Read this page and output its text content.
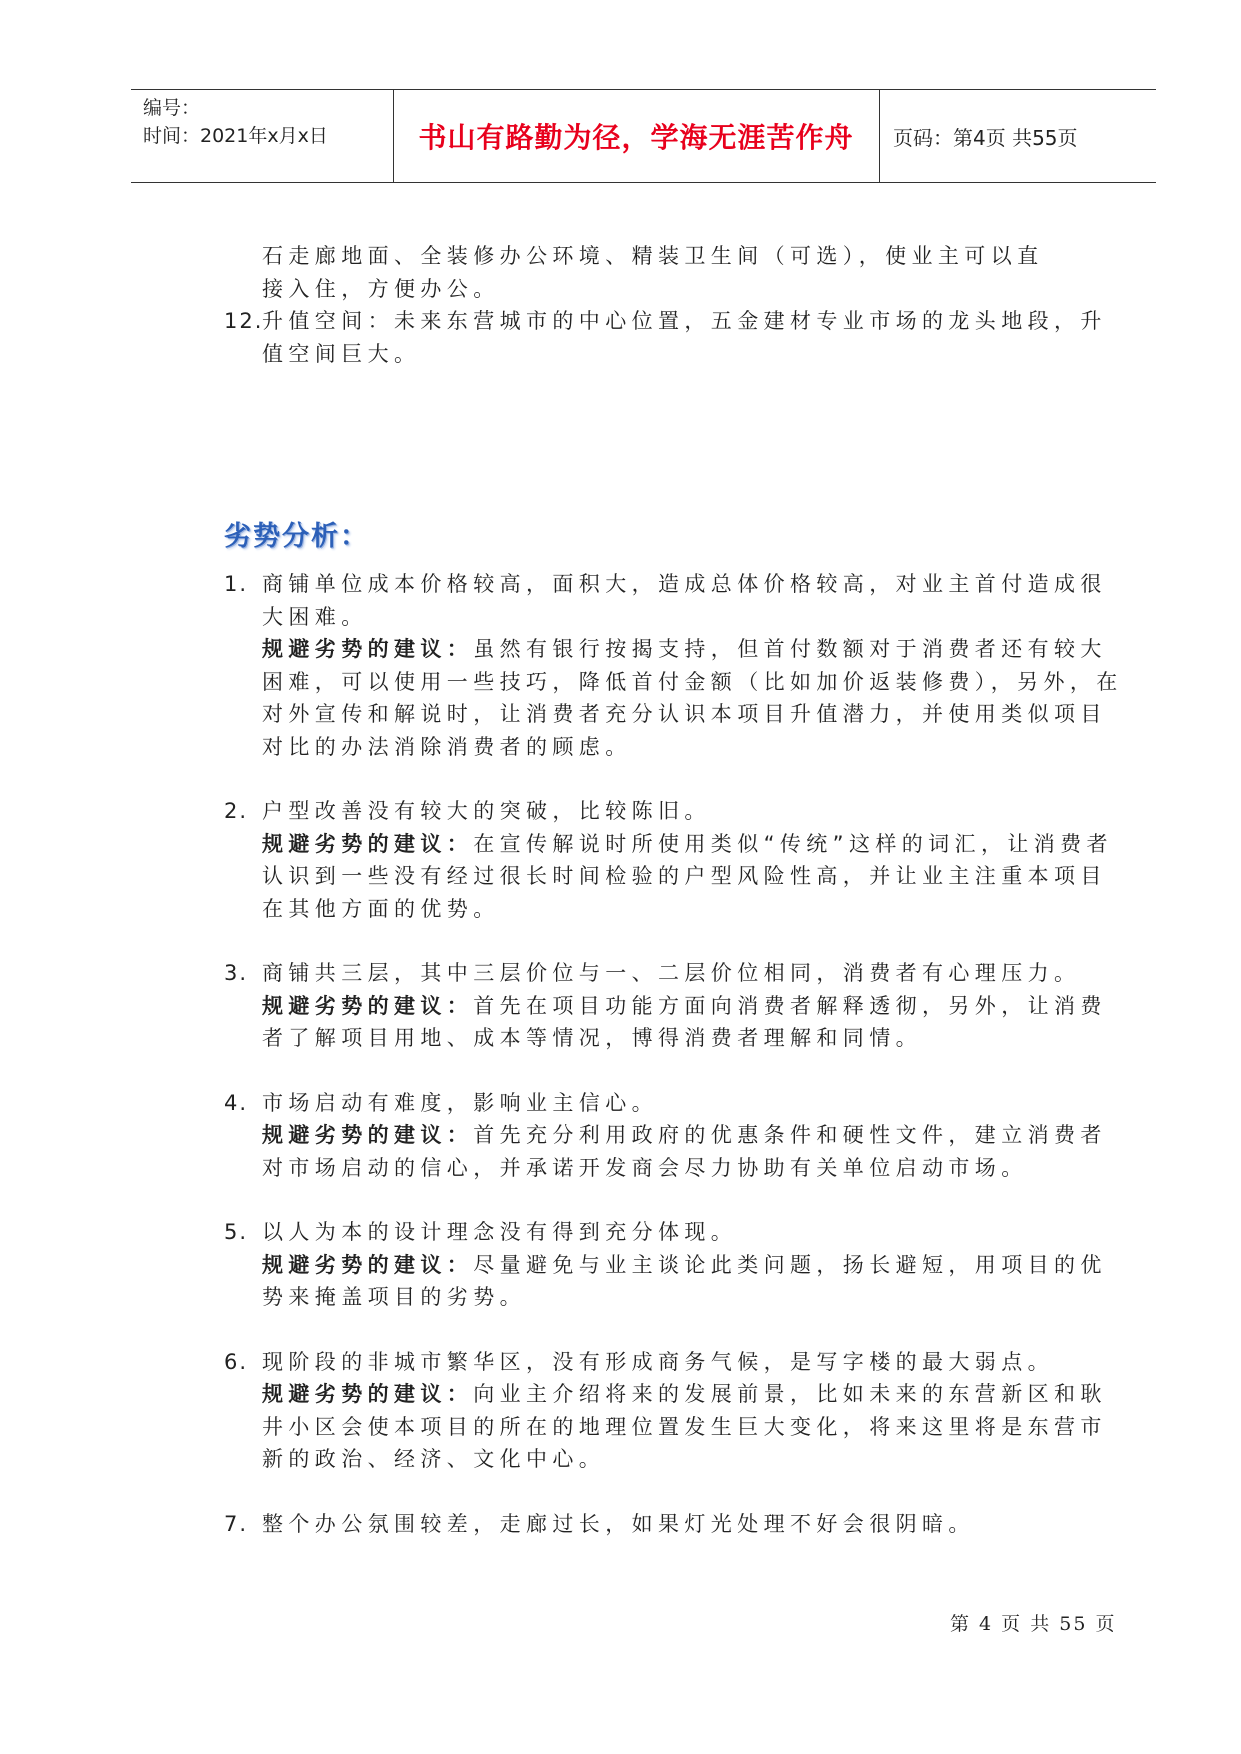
编号：
时间：2021年x月x日	书山有路勤为径，学海无涯苦作舟	页码：第4页 共55页

石走廊地面、全装修办公环境、精装卫生间（可选），使业主可以直

接入住，方便办公。

12.升值空间：未来东营城市的中心位置，五金建材专业市场的龙头地段，升值空间巨大。

劣势分析：

1. 商铺单位成本价格较高，面积大，造成总体价格较高，对业主首付造成很大困难。

规避劣势的建议：虽然有银行按揭支持，但首付数额对于消费者还有较大困难，可以使用一些技巧，降低首付金额（比如加价返装修费），另外，在对外宣传和解说时，让消费者充分认识本项目升值潜力，并使用类似项目对比的办法消除消费者的顾虑。

2. 户型改善没有较大的突破，比较陈旧。

规避劣势的建议：在宣传解说时所使用类似“传统”这样的词汇，让消费者认识到一些没有经过很长时间检验的户型风险性高，并让业主注重本项目在其他方面的优势。

3. 商铺共三层，其中三层价位与一、二层价位相同，消费者有心理压力。

规避劣势的建议：首先在项目功能方面向消费者解释透彻，另外，让消费者了解项目用地、成本等情况，博得消费者理解和同情。

4. 市场启动有难度，影响业主信心。

规避劣势的建议：首先充分利用政府的优惠条件和硬性文件，建立消费者对市场启动的信心，并承诺开发商会尽力协助有关单位启动市场。

5. 以人为本的设计理念没有得到充分体现。

规避劣势的建议：尽量避免与业主谈论此类问题，扬长避短，用项目的优势来掩盖项目的劣势。

6. 现阶段的非城市繁华区，没有形成商务气候，是写字楼的最大弱点。

规避劣势的建议：向业主介绍将来的发展前景，比如未来的东营新区和耿井小区会使本项目的所在的地理位置发生巨大变化，将来这里将是东营市新的政治、经济、文化中心。

7. 整个办公氛围较差，走廊过长，如果灯光处理不好会很阴暗。

第 4 页 共 55 页
